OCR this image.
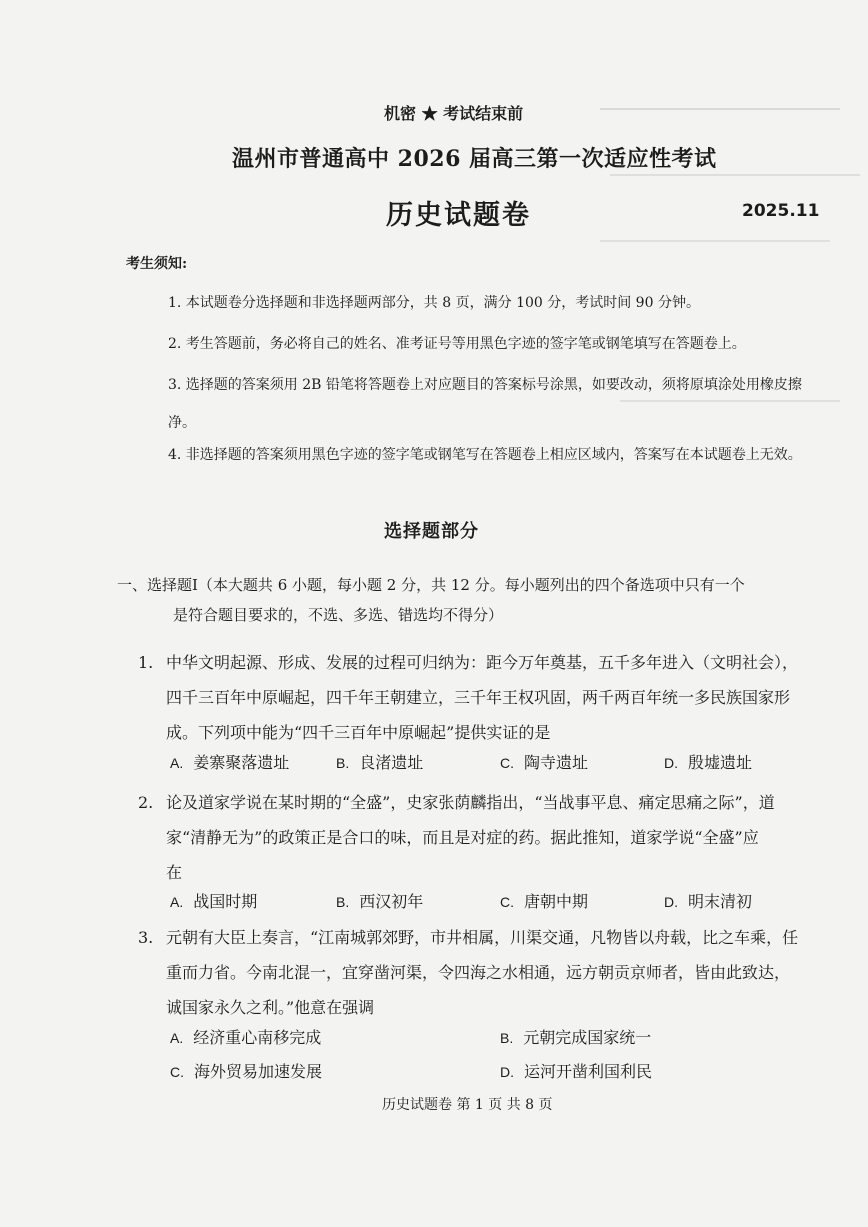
机密 ★ 考试结束前
温州市普通高中 2026 届高三第一次适应性考试
历史试题卷	2025.11
考生须知:
1. 本试题卷分选择题和非选择题两部分，共 8 页，满分 100 分，考试时间 90 分钟。
2. 考生答题前，务必将自己的姓名、准考证号等用黑色字迹的签字笔或钢笔填写在答题卷上。
3. 选择题的答案须用 2B 铅笔将答题卷上对应题目的答案标号涂黑，如要改动，须将原填涂处用橡皮擦净。
4. 非选择题的答案须用黑色字迹的签字笔或钢笔写在答题卷上相应区域内，答案写在本试题卷上无效。
选择题部分
一、选择题Ⅰ（本大题共 6 小题，每小题 2 分，共 12 分。每小题列出的四个备选项中只有一个
是符合题目要求的，不选、多选、错选均不得分）
1. 中华文明起源、形成、发展的过程可归纳为：距今万年奠基，五千多年进入（文明社会），
四千三百年中原崛起，四千年王朝建立，三千年王权巩固，两千两百年统一多民族国家形
成。下列项中能为“四千三百年中原崛起”提供实证的是
A. 姜寨聚落遗址	B. 良渚遗址	C. 陶寺遗址	D. 殷墟遗址
2. 论及道家学说在某时期的“全盛”，史家张荫麟指出，“当战事平息、痛定思痛之际”，道
家“清静无为”的政策正是合口的味，而且是对症的药。据此推知，道家学说“全盛”应
在
A. 战国时期	B. 西汉初年	C. 唐朝中期	D. 明末清初
3. 元朝有大臣上奏言，“江南城郭郊野，市井相属，川渠交通，凡物皆以舟载，比之车乘，任
重而力省。今南北混一，宜穿凿河渠，令四海之水相通，远方朝贡京师者，皆由此致达，
诚国家永久之利。”他意在强调
A. 经济重心南移完成	B. 元朝完成国家统一
C. 海外贸易加速发展	D. 运河开凿利国利民
历史试题卷 第 1 页 共 8 页
